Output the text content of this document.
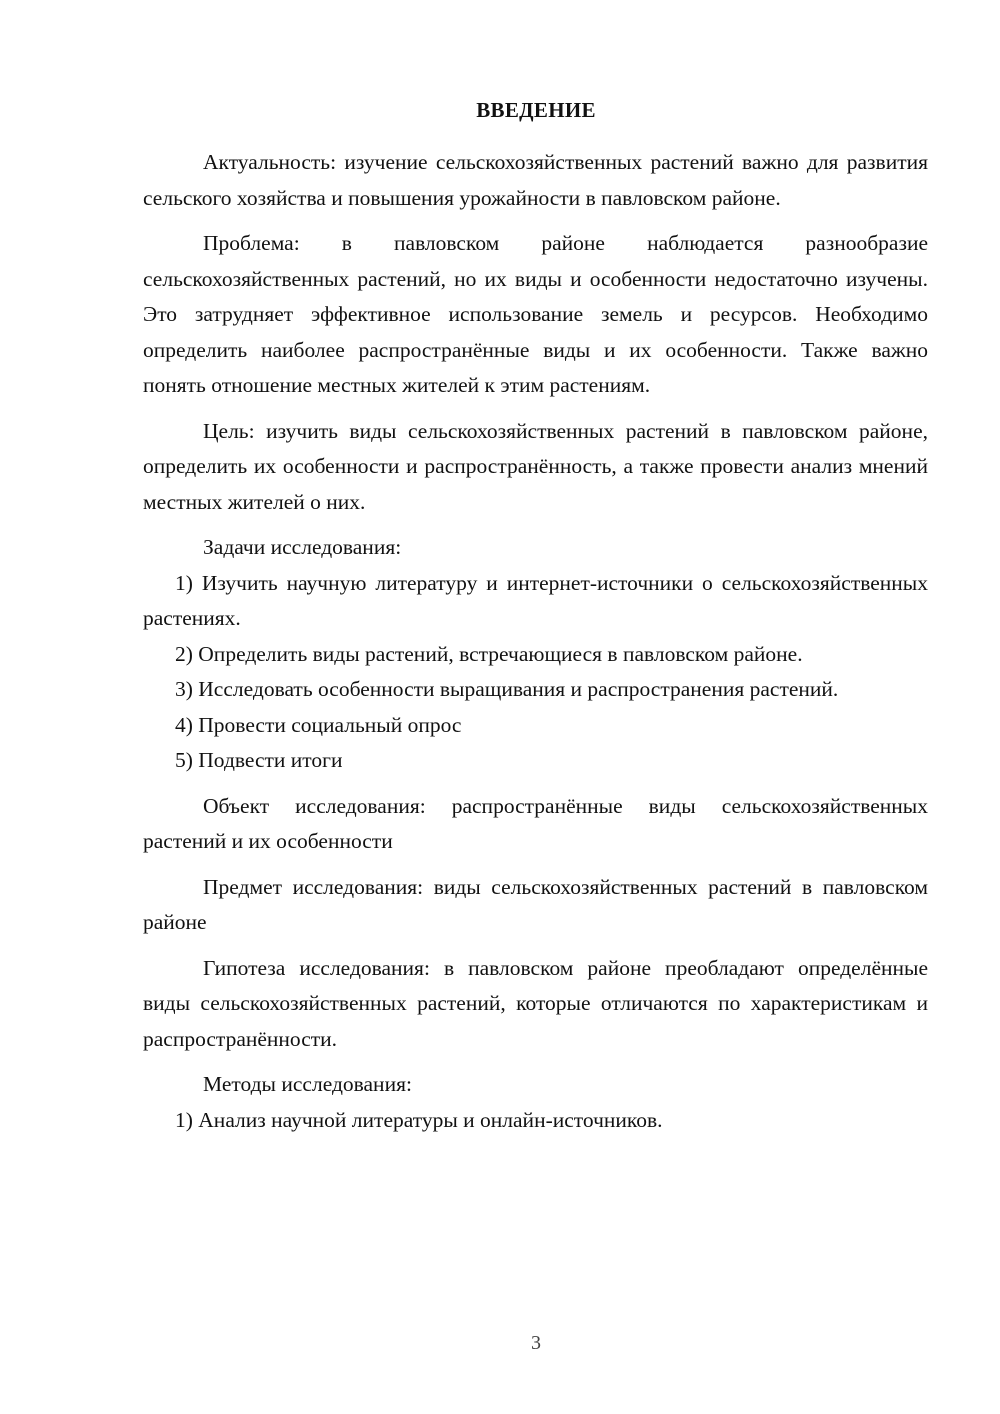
ВВЕДЕНИЕ

Актуальность: изучение сельскохозяйственных растений важно для развития сельского хозяйства и повышения урожайности в павловском районе.

Проблема: в павловском районе наблюдается разнообразие сельскохозяйственных растений, но их виды и особенности недостаточно изучены. Это затрудняет эффективное использование земель и ресурсов. Необходимо определить наиболее распространённые виды и их особенности. Также важно понять отношение местных жителей к этим растениям.

Цель: изучить виды сельскохозяйственных растений в павловском районе, определить их особенности и распространённость, а также провести анализ мнений местных жителей о них.

Задачи исследования:

1) Изучить научную литературу и интернет-источники о сельскохозяйственных растениях.

2) Определить виды растений, встречающиеся в павловском районе.

3) Исследовать особенности выращивания и распространения растений.

4) Провести социальный опрос

5) Подвести итоги

Объект исследования: распространённые виды сельскохозяйственных растений и их особенности

Предмет исследования: виды сельскохозяйственных растений в павловском районе

Гипотеза исследования: в павловском районе преобладают определённые виды сельскохозяйственных растений, которые отличаются по характеристикам и распространённости.

Методы исследования:

1) Анализ научной литературы и онлайн-источников.

3
